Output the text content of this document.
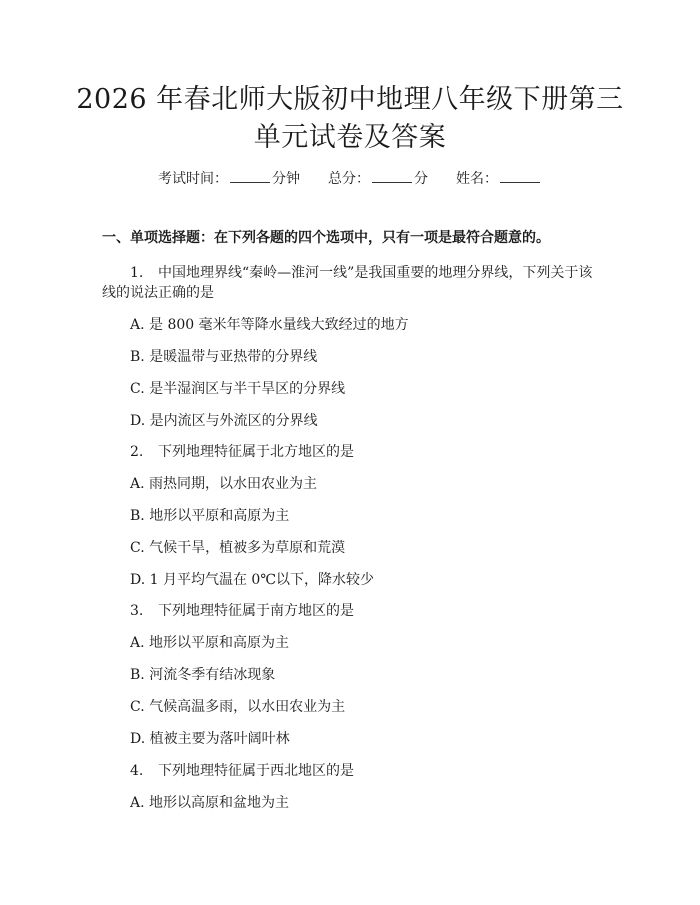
2026 年春北师大版初中地理八年级下册第三
单元试卷及答案
考试时间：	分钟 总分：	分 姓名：
一、单项选择题：在下列各题的四个选项中，只有一项是最符合题意的。
1. 中国地理界线“秦岭—淮河一线”是我国重要的地理分界线，下列关于该
线的说法正确的是
A. 是 800 毫米年等降水量线大致经过的地方
B. 是暖温带与亚热带的分界线
C. 是半湿润区与半干旱区的分界线
D. 是内流区与外流区的分界线
2. 下列地理特征属于北方地区的是
A. 雨热同期，以水田农业为主
B. 地形以平原和高原为主
C. 气候干旱，植被多为草原和荒漠
D. 1 月平均气温在 0℃以下，降水较少
3. 下列地理特征属于南方地区的是
A. 地形以平原和高原为主
B. 河流冬季有结冰现象
C. 气候高温多雨，以水田农业为主
D. 植被主要为落叶阔叶林
4. 下列地理特征属于西北地区的是
A. 地形以高原和盆地为主
